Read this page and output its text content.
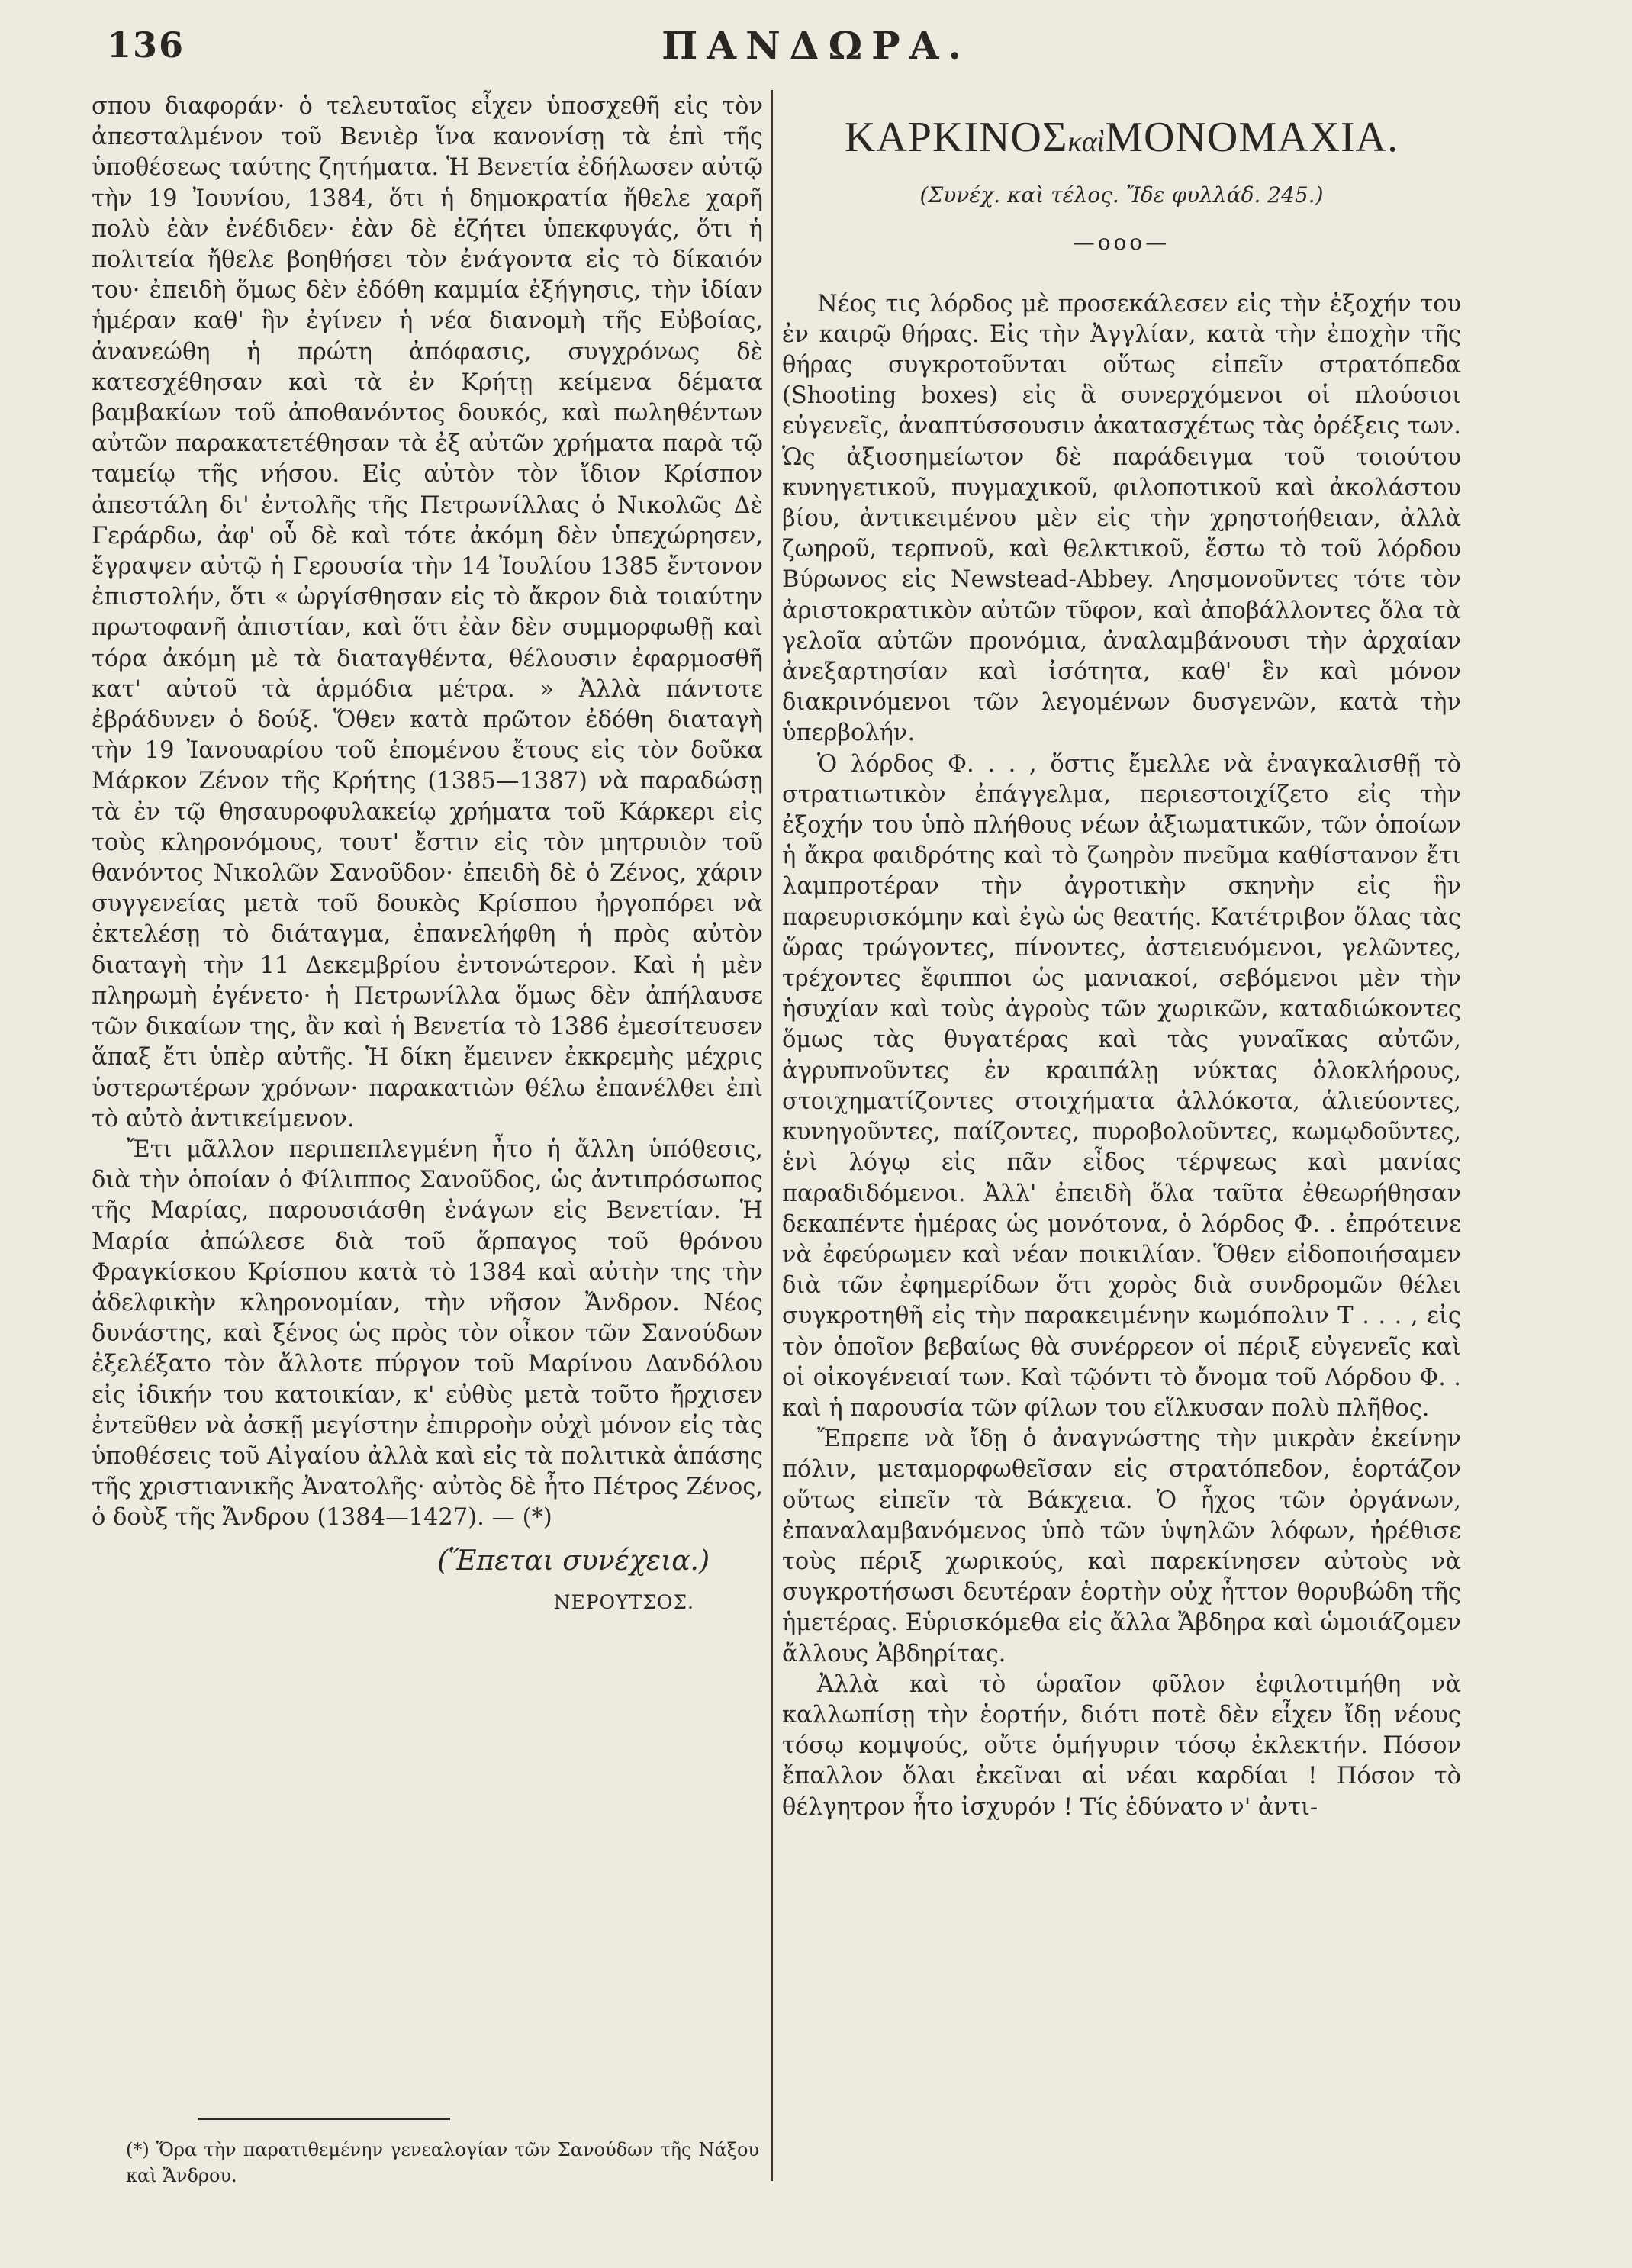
136	ΠΑΝΔΩΡΑ.

σπου διαφοράν· ὁ τελευταῖος εἶχεν ὑποσχεθῆ εἰς τὸν ἀπεσταλμένον τοῦ Βενιὲρ ἵνα κανονίσῃ τὰ ἐπὶ τῆς ὑποθέσεως ταύτης ζητήματα. Ἡ Βενετία ἐδήλωσεν αὐτῷ τὴν 19 Ἰουνίου, 1384, ὅτι ἡ δημοκρατία ἤθελε χαρῆ πολὺ ἐὰν ἐνέδιδεν· ἐὰν δὲ ἐζήτει ὑπεκφυγάς, ὅτι ἡ πολιτεία ἤθελε βοηθήσει τὸν ἐνάγοντα εἰς τὸ δίκαιόν του· ἐπειδὴ ὅμως δὲν ἐδόθη καμμία ἐξήγησις, τὴν ἰδίαν ἡμέραν καθ' ἣν ἐγίνεν ἡ νέα διανομὴ τῆς Εὐβοίας, ἀνανεώθη ἡ πρώτη ἀπόφασις, συγχρόνως δὲ κατεσχέθησαν καὶ τὰ ἐν Κρήτῃ κείμενα δέματα βαμβακίων τοῦ ἀποθανόντος δουκός, καὶ πωληθέντων αὐτῶν παρακατετέθησαν τὰ ἐξ αὐτῶν χρήματα παρὰ τῷ ταμείῳ τῆς νήσου. Εἰς αὐτὸν τὸν ἴδιον Κρίσπον ἀπεστάλη δι' ἐντολῆς τῆς Πετρωνίλλας ὁ Νικολῶς Δὲ Γεράρδω, ἀφ' οὗ δὲ καὶ τότε ἀκόμη δὲν ὑπεχώρησεν, ἔγραψεν αὐτῷ ἡ Γερουσία τὴν 14 Ἰουλίου 1385 ἔντονον ἐπιστολήν, ὅτι « ὠργίσθησαν εἰς τὸ ἄκρον διὰ τοιαύτην πρωτοφανῆ ἀπιστίαν, καὶ ὅτι ἐὰν δὲν συμμορφωθῇ καὶ τόρα ἀκόμη μὲ τὰ διαταγθέντα, θέλουσιν ἐφαρμοσθῆ κατ' αὐτοῦ τὰ ἁρμόδια μέτρα. » Ἀλλὰ πάντοτε ἐβράδυνεν ὁ δούξ. Ὅθεν κατὰ πρῶτον ἐδόθη διαταγὴ τὴν 19 Ἰανουαρίου τοῦ ἐπομένου ἔτους εἰς τὸν δοῦκα Μάρκον Ζένον τῆς Κρήτης (1385—1387) νὰ παραδώσῃ τὰ ἐν τῷ θησαυροφυλακείῳ χρήματα τοῦ Κάρκερι εἰς τοὺς κληρονόμους, τουτ' ἔστιν εἰς τὸν μητρυιὸν τοῦ θανόντος Νικολῶν Σανοῦδον· ἐπειδὴ δὲ ὁ Ζένος, χάριν συγγενείας μετὰ τοῦ δουκὸς Κρίσπου ἠργοπόρει νὰ ἐκτελέσῃ τὸ διάταγμα, ἐπανελήφθη ἡ πρὸς αὐτὸν διαταγὴ τὴν 11 Δεκεμβρίου ἐντονώτερον. Καὶ ἡ μὲν πληρωμὴ ἐγένετο· ἡ Πετρωνίλλα ὅμως δὲν ἀπήλαυσε τῶν δικαίων της, ἂν καὶ ἡ Βενετία τὸ 1386 ἐμεσίτευσεν ἅπαξ ἔτι ὑπὲρ αὐτῆς. Ἡ δίκη ἔμεινεν ἐκκρεμὴς μέχρις ὑστερωτέρων χρόνων· παρακατιὼν θέλω ἐπανέλθει ἐπὶ τὸ αὐτὸ ἀντικείμενον.

Ἔτι μᾶλλον περιπεπλεγμένη ἦτο ἡ ἄλλη ὑπόθεσις, διὰ τὴν ὁποίαν ὁ Φίλιππος Σανοῦδος, ὡς ἀντιπρόσωπος τῆς Μαρίας, παρουσιάσθη ἐνάγων εἰς Βενετίαν. Ἡ Μαρία ἀπώλεσε διὰ τοῦ ἅρπαγος τοῦ θρόνου Φραγκίσκου Κρίσπου κατὰ τὸ 1384 καὶ αὐτὴν της τὴν ἀδελφικὴν κληρονομίαν, τὴν νῆσον Ἄνδρον. Νέος δυνάστης, καὶ ξένος ὡς πρὸς τὸν οἶκον τῶν Σανούδων ἐξελέξατο τὸν ἄλλοτε πύργον τοῦ Μαρίνου Δανδόλου εἰς ἰδικήν του κατοικίαν, κ' εὐθὺς μετὰ τοῦτο ἤρχισεν ἐντεῦθεν νὰ ἀσκῇ μεγίστην ἐπιρροὴν οὐχὶ μόνον εἰς τὰς ὑποθέσεις τοῦ Αἰγαίου ἀλλὰ καὶ εἰς τὰ πολιτικὰ ἁπάσης τῆς χριστιανικῆς Ἀνατολῆς· αὐτὸς δὲ ἦτο Πέτρος Ζένος, ὁ δοὺξ τῆς Ἄνδρου (1384—1427). — (*)

(Ἕπεται συνέχεια.)
ΝΕΡΟΥΤΣΟΣ.
(*) Ὅρα τὴν παρατιθεμένην γενεαλογίαν τῶν Σανούδων τῆς Νάξου καὶ Ἄνδρου.
ΚΑΡΚΙΝΟΣκαὶΜΟΝΟΜΑΧΙΑ.
(Συνέχ. καὶ τέλος. Ἴδε φυλλάδ. 245.)
—ooo—

Νέος τις λόρδος μὲ προσεκάλεσεν εἰς τὴν ἐξοχήν του ἐν καιρῷ θήρας. Εἰς τὴν Ἀγγλίαν, κατὰ τὴν ἐποχὴν τῆς θήρας συγκροτοῦνται οὕτως εἰπεῖν στρατόπεδα (Shooting boxes) εἰς ἃ συνερχόμενοι οἱ πλούσιοι εὐγενεῖς, ἀναπτύσσουσιν ἀκατασχέτως τὰς ὀρέξεις των. Ὡς ἀξιοσημείωτον δὲ παράδειγμα τοῦ τοιούτου κυνηγετικοῦ, πυγμαχικοῦ, φιλοποτικοῦ καὶ ἀκολάστου βίου, ἀντικειμένου μὲν εἰς τὴν χρηστοήθειαν, ἀλλὰ ζωηροῦ, τερπνοῦ, καὶ θελκτικοῦ, ἔστω τὸ τοῦ λόρδου Βύρωνος εἰς Newstead-Abbey. Λησμονοῦντες τότε τὸν ἀριστοκρατικὸν αὐτῶν τῦφον, καὶ ἀποβάλλοντες ὅλα τὰ γελοῖα αὐτῶν προνόμια, ἀναλαμβάνουσι τὴν ἀρχαίαν ἀνεξαρτησίαν καὶ ἰσότητα, καθ' ἓν καὶ μόνον διακρινόμενοι τῶν λεγομένων δυσγενῶν, κατὰ τὴν ὑπερβολήν.

Ὁ λόρδος Φ. . . , ὅστις ἔμελλε νὰ ἐναγκαλισθῇ τὸ στρατιωτικὸν ἐπάγγελμα, περιεστοιχίζετο εἰς τὴν ἐξοχήν του ὑπὸ πλήθους νέων ἀξιωματικῶν, τῶν ὁποίων ἡ ἄκρα φαιδρότης καὶ τὸ ζωηρὸν πνεῦμα καθίστανον ἔτι λαμπροτέραν τὴν ἀγροτικὴν σκηνὴν εἰς ἣν παρευρισκόμην καὶ ἐγὼ ὡς θεατής. Κατέτριβον ὅλας τὰς ὥρας τρώγοντες, πίνοντες, ἀστειευόμενοι, γελῶντες, τρέχοντες ἔφιπποι ὡς μανιακοί, σεβόμενοι μὲν τὴν ἡσυχίαν καὶ τοὺς ἀγροὺς τῶν χωρικῶν, καταδιώκοντες ὅμως τὰς θυγατέρας καὶ τὰς γυναῖκας αὐτῶν, ἀγρυπνοῦντες ἐν κραιπάλῃ νύκτας ὁλοκλήρους, στοιχηματίζοντες στοιχήματα ἀλλόκοτα, ἁλιεύοντες, κυνηγοῦντες, παίζοντες, πυροβολοῦντες, κωμῳδοῦντες, ἑνὶ λόγῳ εἰς πᾶν εἶδος τέρψεως καὶ μανίας παραδιδόμενοι. Ἀλλ' ἐπειδὴ ὅλα ταῦτα ἐθεωρήθησαν δεκαπέντε ἡμέρας ὡς μονότονα, ὁ λόρδος Φ. . ἐπρότεινε νὰ ἐφεύρωμεν καὶ νέαν ποικιλίαν. Ὅθεν εἰδοποιήσαμεν διὰ τῶν ἐφημερίδων ὅτι χορὸς διὰ συνδρομῶν θέλει συγκροτηθῆ εἰς τὴν παρακειμένην κωμόπολιν Τ . . . , εἰς τὸν ὁποῖον βεβαίως θὰ συνέρρεον οἱ πέριξ εὐγενεῖς καὶ οἱ οἰκογένειαί των. Καὶ τῷόντι τὸ ὄνομα τοῦ Λόρδου Φ. . καὶ ἡ παρουσία τῶν φίλων του εἵλκυσαν πολὺ πλῆθος.

Ἔπρεπε νὰ ἴδῃ ὁ ἀναγνώστης τὴν μικρὰν ἐκείνην πόλιν, μεταμορφωθεῖσαν εἰς στρατόπεδον, ἑορτάζον οὕτως εἰπεῖν τὰ Βάκχεια. Ὁ ἦχος τῶν ὀργάνων, ἐπαναλαμβανόμενος ὑπὸ τῶν ὑψηλῶν λόφων, ἠρέθισε τοὺς πέριξ χωρικούς, καὶ παρεκίνησεν αὐτοὺς νὰ συγκροτήσωσι δευτέραν ἑορτὴν οὐχ ἧττον θορυβώδη τῆς ἡμετέρας. Εὑρισκόμεθα εἰς ἄλλα Ἄβδηρα καὶ ὡμοιάζομεν ἄλλους Ἀβδηρίτας.

Ἀλλὰ καὶ τὸ ὡραῖον φῦλον ἐφιλοτιμήθη νὰ καλλωπίσῃ τὴν ἑορτήν, διότι ποτὲ δὲν εἶχεν ἴδῃ νέους τόσῳ κομψούς, οὔτε ὁμήγυριν τόσῳ ἐκλεκτήν. Πόσον ἔπαλλον ὅλαι ἐκεῖναι αἱ νέαι καρδίαι ! Πόσον τὸ θέλγητρον ἦτο ἰσχυρόν ! Τίς ἐδύνατο ν' ἀντι-
